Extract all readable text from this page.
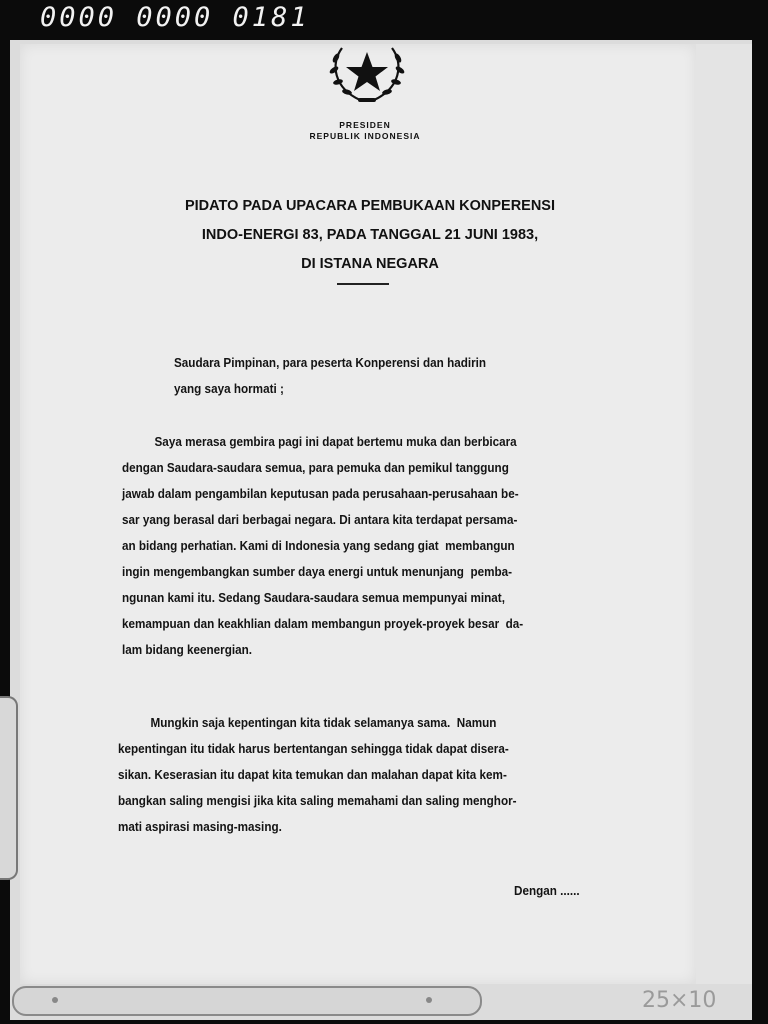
0000 0000 0181
PRESIDEN
REPUBLIK INDONESIA
PIDATO PADA UPACARA PEMBUKAAN KONPERENSI
INDO-ENERGI 83, PADA TANGGAL 21 JUNI 1983,
DI ISTANA NEGARA
Saudara Pimpinan, para peserta Konperensi dan hadirin
yang saya hormati ;
Saya merasa gembira pagi ini dapat bertemu muka dan berbicara
dengan Saudara-saudara semua, para pemuka dan pemikul tanggung
jawab dalam pengambilan keputusan pada perusahaan-perusahaan be-
sar yang berasal dari berbagai negara. Di antara kita terdapat persama-
an bidang perhatian. Kami di Indonesia yang sedang giat  membangun
ingin mengembangkan sumber daya energi untuk menunjang  pemba-
ngunan kami itu. Sedang Saudara-saudara semua mempunyai minat,
kemampuan dan keakhlian dalam membangun proyek-proyek besar  da-
lam bidang keenergian.
Mungkin saja kepentingan kita tidak selamanya sama.  Namun
kepentingan itu tidak harus bertentangan sehingga tidak dapat disera-
sikan. Keserasian itu dapat kita temukan dan malahan dapat kita kem-
bangkan saling mengisi jika kita saling memahami dan saling menghor-
mati aspirasi masing-masing.
Dengan ......
25×10
